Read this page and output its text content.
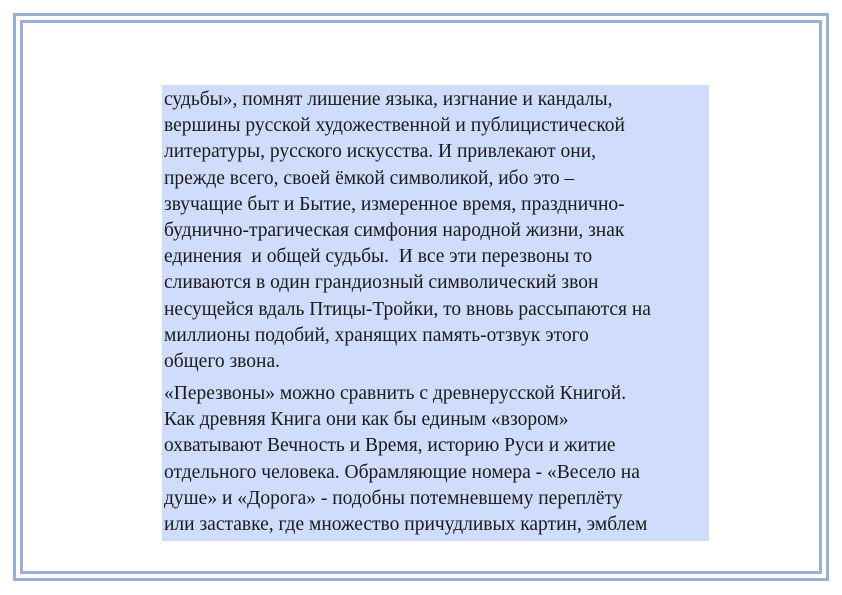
судьбы», помнят лишение языка, изгнание и кандалы,
вершины русской художественной и публицистической
литературы, русского искусства. И привлекают они,
прежде всего, своей ёмкой символикой, ибо это –
звучащие быт и Бытие, измеренное время, празднично-
буднично-трагическая симфония народной жизни, знак
единения  и общей судьбы.  И все эти перезвоны то
сливаются в один грандиозный символический звон
несущейся вдаль Птицы-Тройки, то вновь рассыпаются на
миллионы подобий, хранящих память-отзвук этого
общего звона.
«Перезвоны» можно сравнить с древнерусской Книгой.
Как древняя Книга они как бы единым «взором»
охватывают Вечность и Время, историю Руси и житие
отдельного человека. Обрамляющие номера - «Весело на
душе» и «Дорога» - подобны потемневшему переплёту
или заставке, где множество причудливых картин, эмблем
